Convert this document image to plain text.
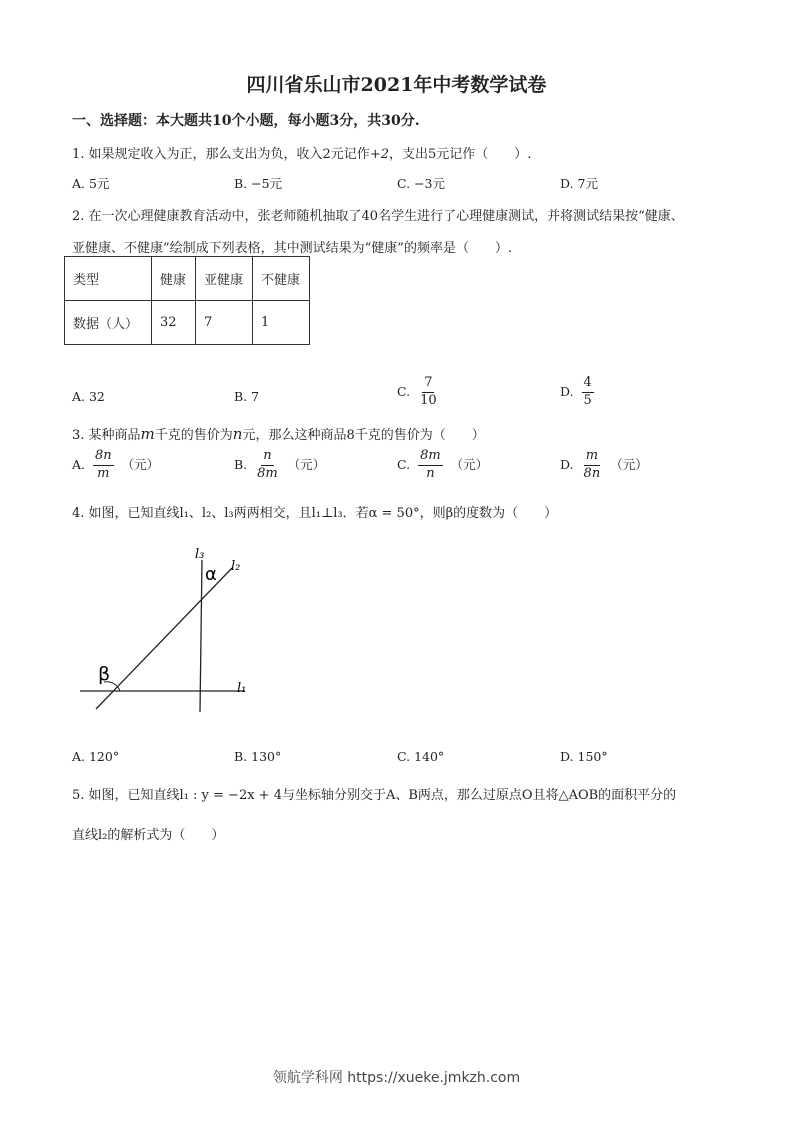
四川省乐山市2021年中考数学试卷
一、选择题：本大题共10个小题，每小题3分，共30分.
1. 如果规定收入为正，那么支出为负，收入2元记作+2，支出5元记作（　　）.
A. 5元	B. −5元	C. −3元	D. 7元
2. 在一次心理健康教育活动中，张老师随机抽取了40名学生进行了心理健康测试，并将测试结果按“健康、
亚健康、不健康”绘制成下列表格，其中测试结果为“健康”的频率是（　　）.
类型	健康	亚健康	不健康
数据（人）	32	7	1
A. 32	B. 7	C. $\frac{7}{10}$	D. $\frac{4}{5}$
3. 某种商品m千克的售价为n元，那么这种商品8千克的售价为（　　）
A. $\frac{8n}{m}$ （元）	B. $\frac{n}{8m}$ （元）	C. $\frac{8m}{n}$ （元）	D. $\frac{m}{8n}$ （元）
4. 如图，已知直线l₁、l₂、l₃两两相交，且l₁⊥l₃．若α = 50°，则β的度数为（　　）
l₃
l₂
l₁
α
β
A. 120°	B. 130°	C. 140°	D. 150°
5. 如图，已知直线l₁ : y = −2x + 4与坐标轴分别交于A、B两点，那么过原点O且将△AOB的面积平分的
直线l₂的解析式为（　　）
领航学科网 https://xueke.jmkzh.com
